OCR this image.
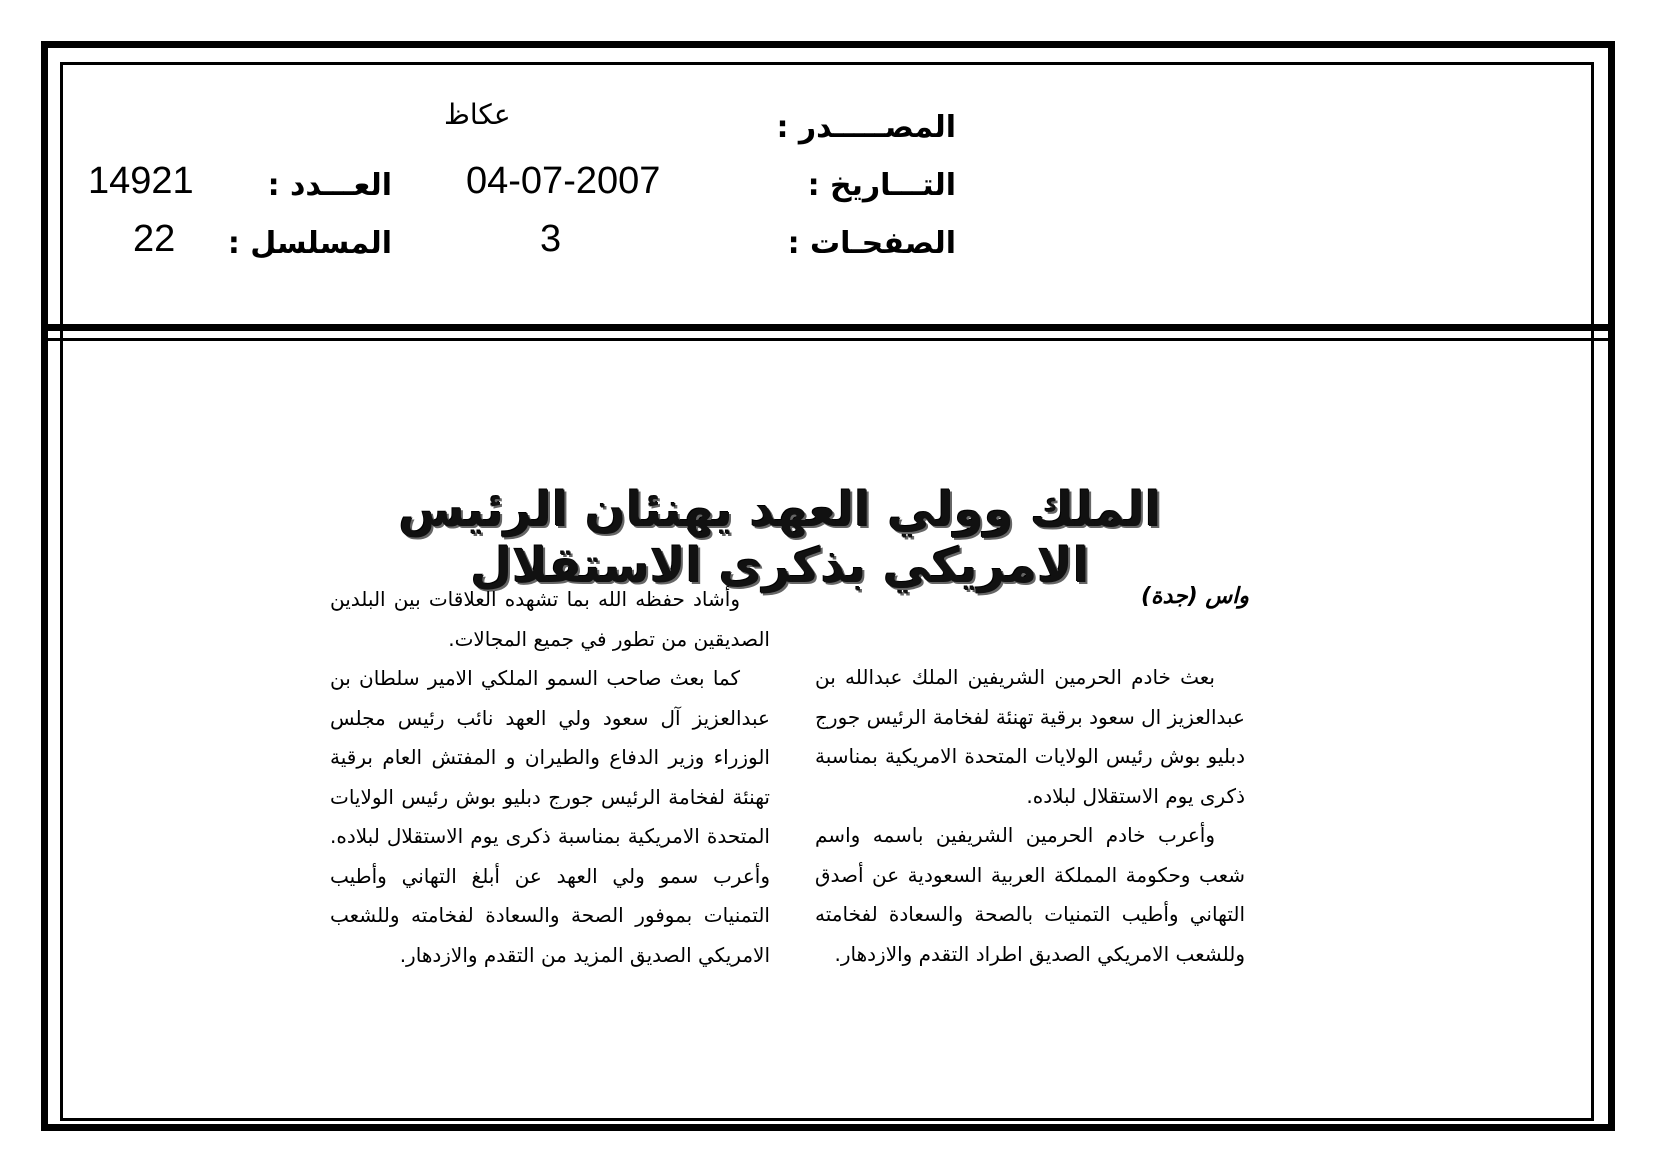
المصـــــدر :
عكاظ
التـــاريخ :
04-07-2007
الصفحـات :
3
العـــدد :
14921
المسلسل :
22
الملك وولي العهد يهنئان الرئيس الامريكي بذكرى الاستقلال
واس (جدة)

بعث خادم الحرمين الشريفين الملك عبدالله بن عبدالعزيز ال سعود برقية تهنئة لفخامة الرئيس جورج دبليو بوش رئيس الولايات المتحدة الامريكية بمناسبة ذكرى يوم الاستقلال لبلاده.

وأعرب خادم الحرمين الشريفين باسمه واسم شعب وحكومة المملكة العربية السعودية عن أصدق التهاني وأطيب التمنيات بالصحة والسعادة لفخامته وللشعب الامريكي الصديق اطراد التقدم والازدهار.

وأشاد حفظه الله بما تشهده العلاقات بين البلدين الصديقين من تطور في جميع المجالات.

كما بعث صاحب السمو الملكي الامير سلطان بن عبدالعزيز آل سعود ولي العهد نائب رئيس مجلس الوزراء وزير الدفاع والطيران و المفتش العام برقية تهنئة لفخامة الرئيس جورج دبليو بوش رئيس الولايات المتحدة الامريكية بمناسبة ذكرى يوم الاستقلال لبلاده. وأعرب سمو ولي العهد عن أبلغ التهاني وأطيب التمنيات بموفور الصحة والسعادة لفخامته وللشعب الامريكي الصديق المزيد من التقدم والازدهار.
